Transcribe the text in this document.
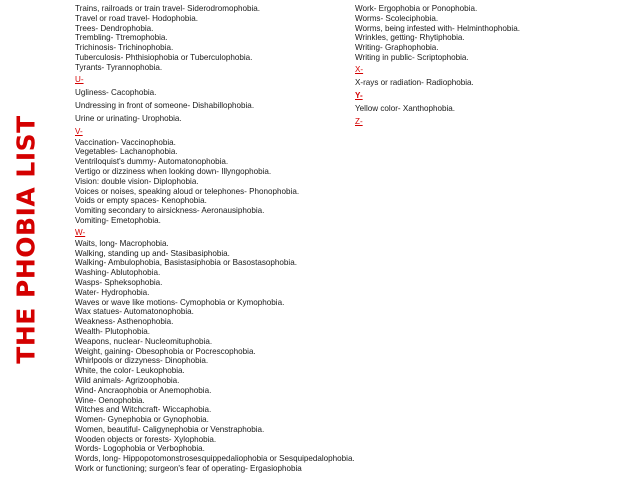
THE PHOBIA LIST
Trains, railroads or train travel- Siderodromophobia.
Travel or road travel- Hodophobia.
Trees- Dendrophobia.
Trembling- Ttremophobia.
Trichinosis- Trichinophobia.
Tuberculosis- Phthisiophobia or Tuberculophobia.
Tyrants- Tyrannophobia.
U-
Ugliness- Cacophobia.
Undressing in front of someone- Dishabillophobia.
Urine or urinating- Urophobia.
V-
Vaccination- Vaccinophobia.
Vegetables- Lachanophobia.
Ventriloquist's dummy- Automatonophobia.
Vertigo or dizziness when looking down- Illyngophobia.
Vision: double vision- Diplophobia.
Voices or noises, speaking aloud or telephones- Phonophobia.
Voids or empty spaces- Kenophobia.
Vomiting secondary to airsickness- Aeronausiphobia.
Vomiting- Emetophobia.
W-
Waits, long- Macrophobia.
Walking, standing up and- Stasibasiphobia.
Walking- Ambulophobia, Basistasiphobia or Basostasophobia.
Washing- Ablutophobia.
Wasps- Spheksophobia.
Water- Hydrophobia.
Waves or wave like motions- Cymophobia or Kymophobia.
Wax statues- Automatonophobia.
Weakness- Asthenophobia.
Wealth- Plutophobia.
Weapons, nuclear- Nucleomituphobia.
Weight, gaining- Obesophobia or Pocrescophobia.
Whirlpools or dizzyness- Dinophobia.
White, the color- Leukophobia.
Wild animals- Agrizoophobia.
Wind- Ancraophobia or Anemophobia.
Wine- Oenophobia.
Witches and Witchcraft- Wiccaphobia.
Women- Gynephobia or Gynophobia.
Women, beautiful- Caligynephobia or Venstraphobia.
Wooden objects or forests- Xylophobia.
Words- Logophobia or Verbophobia.
Words, long- Hippopotomonstrosesquippedaliophobia or Sesquipedalophobia.
Work or functioning; surgeon's fear of operating- Ergasiophobia
Work- Ergophobia or Ponophobia.
Worms- Scoleciphobia.
Worms, being infested with- Helminthophobia.
Wrinkles, getting- Rhytiphobia.
Writing- Graphophobia.
Writing in public- Scriptophobia.
X-
X-rays or radiation- Radiophobia.
Y-
Yellow color- Xanthophobia.
Z-
